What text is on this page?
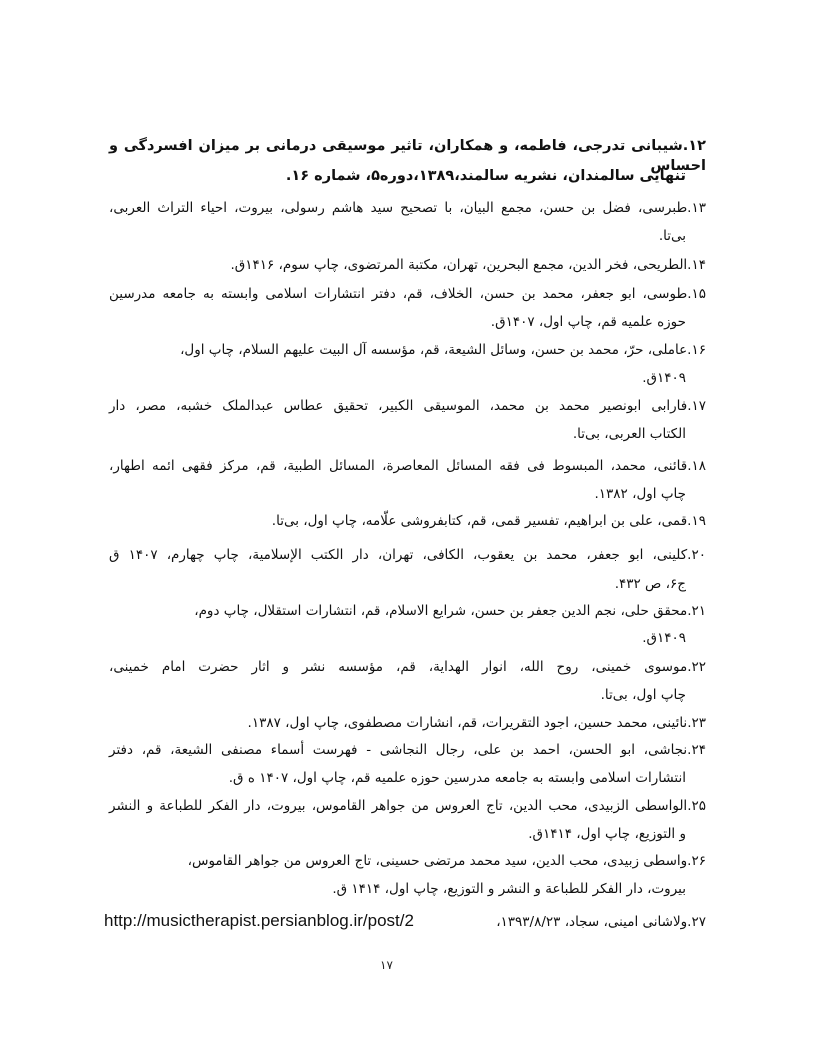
۱۲.شیبانی تدرجی، فاطمه، و همکاران، تاثیر موسیقی درمانی بر میزان افسردگی و احساس
تنهایی سالمندان، نشریه سالمند،۱۳۸۹،دوره۵، شماره ۱۶.
۱۳.طبرسی، فضل بن حسن، مجمع البیان، با تصحیح سید هاشم رسولی، بیروت، احیاء التراث العربی،
بی‌تا.
۱۴.الطریحی، فخر الدین، مجمع البحرین، تهران، مکتبة المرتضوی، چاپ سوم، ۱۴۱۶ق.
۱۵.طوسی، ابو جعفر، محمد بن حسن، الخلاف، قم، دفتر انتشارات اسلامی وابسته به جامعه مدرسین
حوزه علمیه قم، چاپ اول، ۱۴۰۷ق.
۱۶.عاملی، حرّ، محمد بن حسن، وسائل الشیعة، قم، مؤسسه آل البیت علیهم السلام، چاپ اول،
۱۴۰۹ق.
۱۷.فارابی ابونصیر محمد بن محمد، الموسیقی الکبیر، تحقیق عطاس عبدالملک خشبه، مصر، دار
الکتاب العربی، بی‌تا.
۱۸.قائنی، محمد، المبسوط فی فقه المسائل المعاصرة، المسائل الطبیة، قم، مرکز فقهی ائمه اطهار،
چاپ اول، ۱۳۸۲.
۱۹.قمی، علی بن ابراهیم، تفسیر قمی، قم، کتابفروشی علّامه، چاپ اول، بی‌تا.
۲۰.کلینی، ابو جعفر، محمد بن یعقوب، الکافی، تهران، دار الکتب الإسلامیة، چاپ چهارم، ۱۴۰۷ ق
ج۶، ص ۴۳۲.
۲۱.محقق حلی، نجم الدین جعفر بن حسن، شرایع الاسلام، قم، انتشارات استقلال، چاپ دوم،
۱۴۰۹ق.
۲۲.موسوی خمینی، روح الله، انوار الهدایة، قم، مؤسسه نشر و اثار حضرت امام خمینی،
چاپ اول، بی‌تا.
۲۳.نائینی، محمد حسین، اجود التقریرات، قم، انشارات مصطفوی، چاپ اول، ۱۳۸۷.
۲۴.نجاشی، ابو الحسن، احمد بن علی، رجال النجاشی - فهرست أسماء مصنفی الشیعة، قم، دفتر
انتشارات اسلامی وابسته به جامعه مدرسین حوزه علمیه قم، چاپ اول، ۱۴۰۷ ه ق.
۲۵.الواسطی الزبیدی، محب الدین، تاج العروس من جواهر القاموس، بیروت، دار الفکر للطباعة و النشر
و التوزیع، چاپ اول، ۱۴۱۴ق.
۲۶.واسطی زبیدی، محب الدین، سید محمد مرتضی حسینی، تاج العروس من جواهر القاموس،
بیروت، دار الفکر للطباعة و النشر و التوزیع، چاپ اول، ۱۴۱۴ ق.
۲۷.ولاشانی امینی، سجاد، ۱۳۹۳/۸/۲۳،
http://musictherapist.persianblog.ir/post/2
۱۷
